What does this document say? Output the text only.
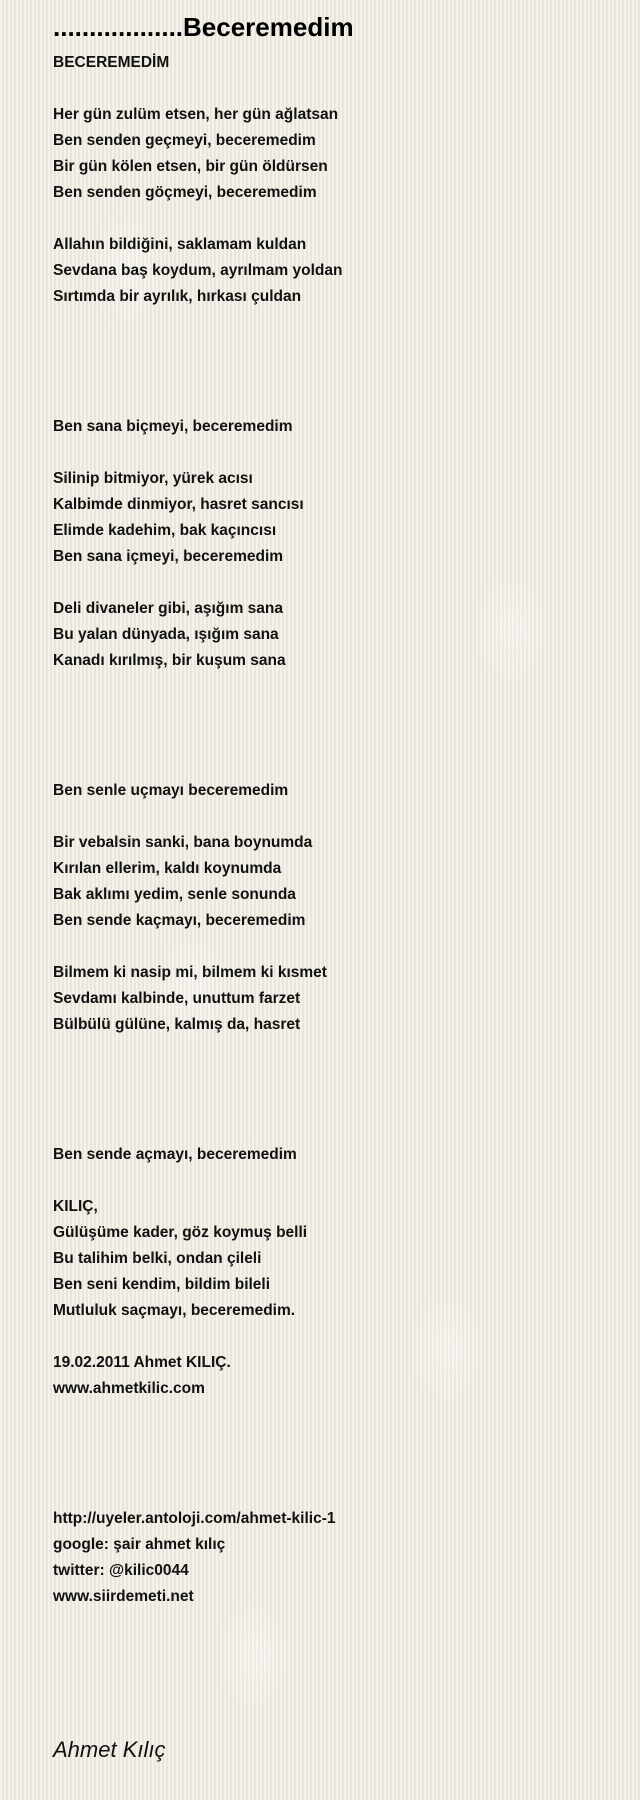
..................Beceremedim
BECEREMEDİM
Her gün zulüm etsen, her gün ağlatsan
Ben senden geçmeyi, beceremedim
Bir gün kölen etsen, bir gün öldürsen
Ben senden göçmeyi, beceremedim
Allahın bildiğini, saklamam kuldan
Sevdana baş koydum, ayrılmam yoldan
Sırtımda bir ayrılık, hırkası çuldan
Ben sana biçmeyi, beceremedim
Silinip bitmiyor, yürek acısı
Kalbimde dinmiyor, hasret sancısı
Elimde kadehim, bak kaçıncısı
Ben sana içmeyi, beceremedim
Deli divaneler gibi, aşığım sana
Bu yalan dünyada, ışığım sana
Kanadı kırılmış, bir kuşum sana
Ben senle uçmayı beceremedim
Bir vebalsin sanki, bana boynumda
Kırılan ellerim, kaldı koynumda
Bak aklımı yedim, senle sonunda
Ben sende kaçmayı, beceremedim
Bilmem ki nasip mi, bilmem ki kısmet
Sevdamı kalbinde, unuttum farzet
Bülbülü gülüne, kalmış da, hasret
Ben sende açmayı, beceremedim
KILIÇ,
Gülüşüme kader, göz koymuş belli
Bu talihim belki, ondan çileli
Ben seni kendim, bildim bileli
Mutluluk saçmayı, beceremedim.
19.02.2011 Ahmet KILIÇ.
www.ahmetkilic.com
http://uyeler.antoloji.com/ahmet-kilic-1
google: şair ahmet kılıç
twitter: @kilic0044
www.siirdemeti.net
Ahmet Kılıç
